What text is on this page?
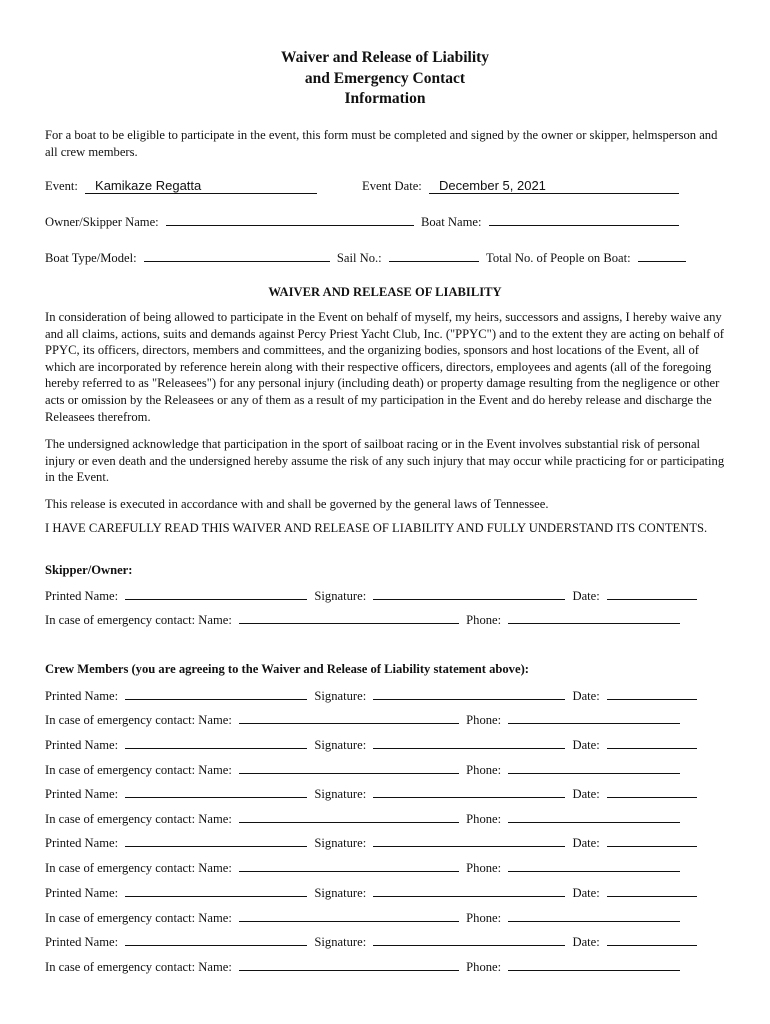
Waiver and Release of Liability
and Emergency Contact
Information
For a boat to be eligible to participate in the event, this form must be completed and signed by the owner or skipper, helmsperson and all crew members.
Event: Kamikaze Regatta	Event Date: December 5, 2021
Owner/Skipper Name:	Boat Name:
Boat Type/Model:	Sail No.:	Total No. of People on Boat:
WAIVER AND RELEASE OF LIABILITY
In consideration of being allowed to participate in the Event on behalf of myself, my heirs, successors and assigns, I hereby waive any and all claims, actions, suits and demands against Percy Priest Yacht Club, Inc. ("PPYC") and to the extent they are acting on behalf of PPYC, its officers, directors, members and committees, and the organizing bodies, sponsors and host locations of the Event, all of which are incorporated by reference herein along with their respective officers, directors, employees and agents (all of the foregoing hereby referred to as "Releasees") for any personal injury (including death) or property damage resulting from the negligence or other acts or omission by the Releasees or any of them as a result of my participation in the Event and do hereby release and discharge the Releasees therefrom.
The undersigned acknowledge that participation in the sport of sailboat racing or in the Event involves substantial risk of personal injury or even death and the undersigned hereby assume the risk of any such injury that may occur while practicing for or participating in the Event.
This release is executed in accordance with and shall be governed by the general laws of Tennessee.
I HAVE CAREFULLY READ THIS WAIVER AND RELEASE OF LIABILITY AND FULLY UNDERSTAND ITS CONTENTS.
Skipper/Owner:
Printed Name:	Signature:	Date:
In case of emergency contact: Name:	Phone:
Crew Members (you are agreeing to the Waiver and Release of Liability statement above):
Printed Name:	Signature:	Date:
In case of emergency contact: Name:	Phone:
Printed Name:	Signature:	Date:
In case of emergency contact: Name:	Phone:
Printed Name:	Signature:	Date:
In case of emergency contact: Name:	Phone:
Printed Name:	Signature:	Date:
In case of emergency contact: Name:	Phone:
Printed Name:	Signature:	Date:
In case of emergency contact: Name:	Phone:
Printed Name:	Signature:	Date:
In case of emergency contact: Name:	Phone:
